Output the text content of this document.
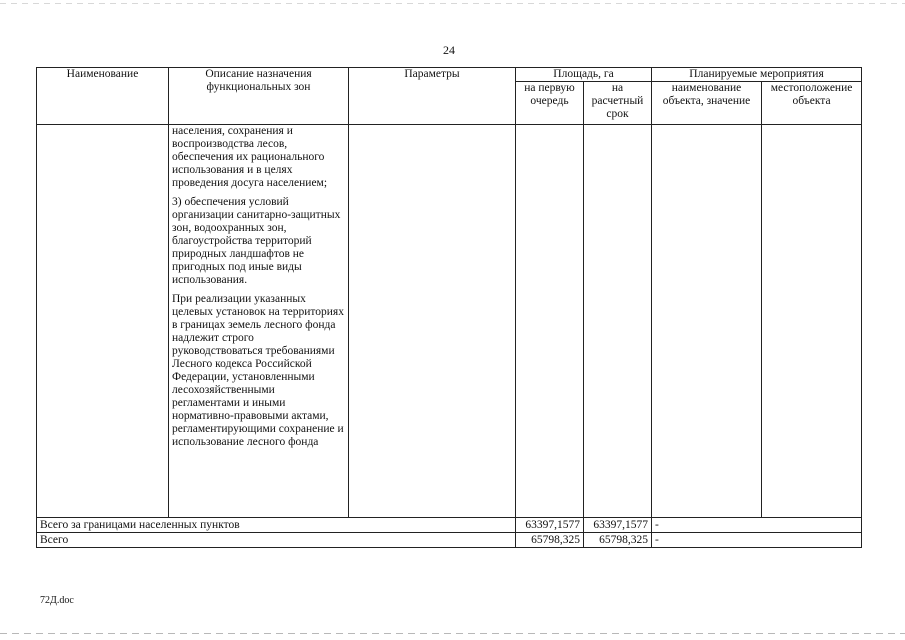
24
Наименование	Описание назначения функциональных зон	Параметры	Площадь, га		Планируемые мероприятия	
			на первую очередь	на расчетный срок	наименование объекта, значение	местоположение объекта

	населения, сохранения и воспроизводства лесов, обеспечения их рационального использования и в целях проведения досуга населением;

3) обеспечения условий организации санитарно-защитных зон, водоохранных зон, благоустройства территорий природных ландшафтов не пригодных под иные виды использования.

При реализации указанных целевых установок на территориях в границах земель лесного фонда надлежит строго руководствоваться требованиями Лесного кодекса Российской Федерации, установленными лесохозяйственными регламентами и иными нормативно-правовыми актами, регламентирующими сохранение и использование лесного фонда					

Всего за границами населенных пунктов			63397,1577	63397,1577	-	
Всего			65798,325	65798,325	-	
72Д.doc
